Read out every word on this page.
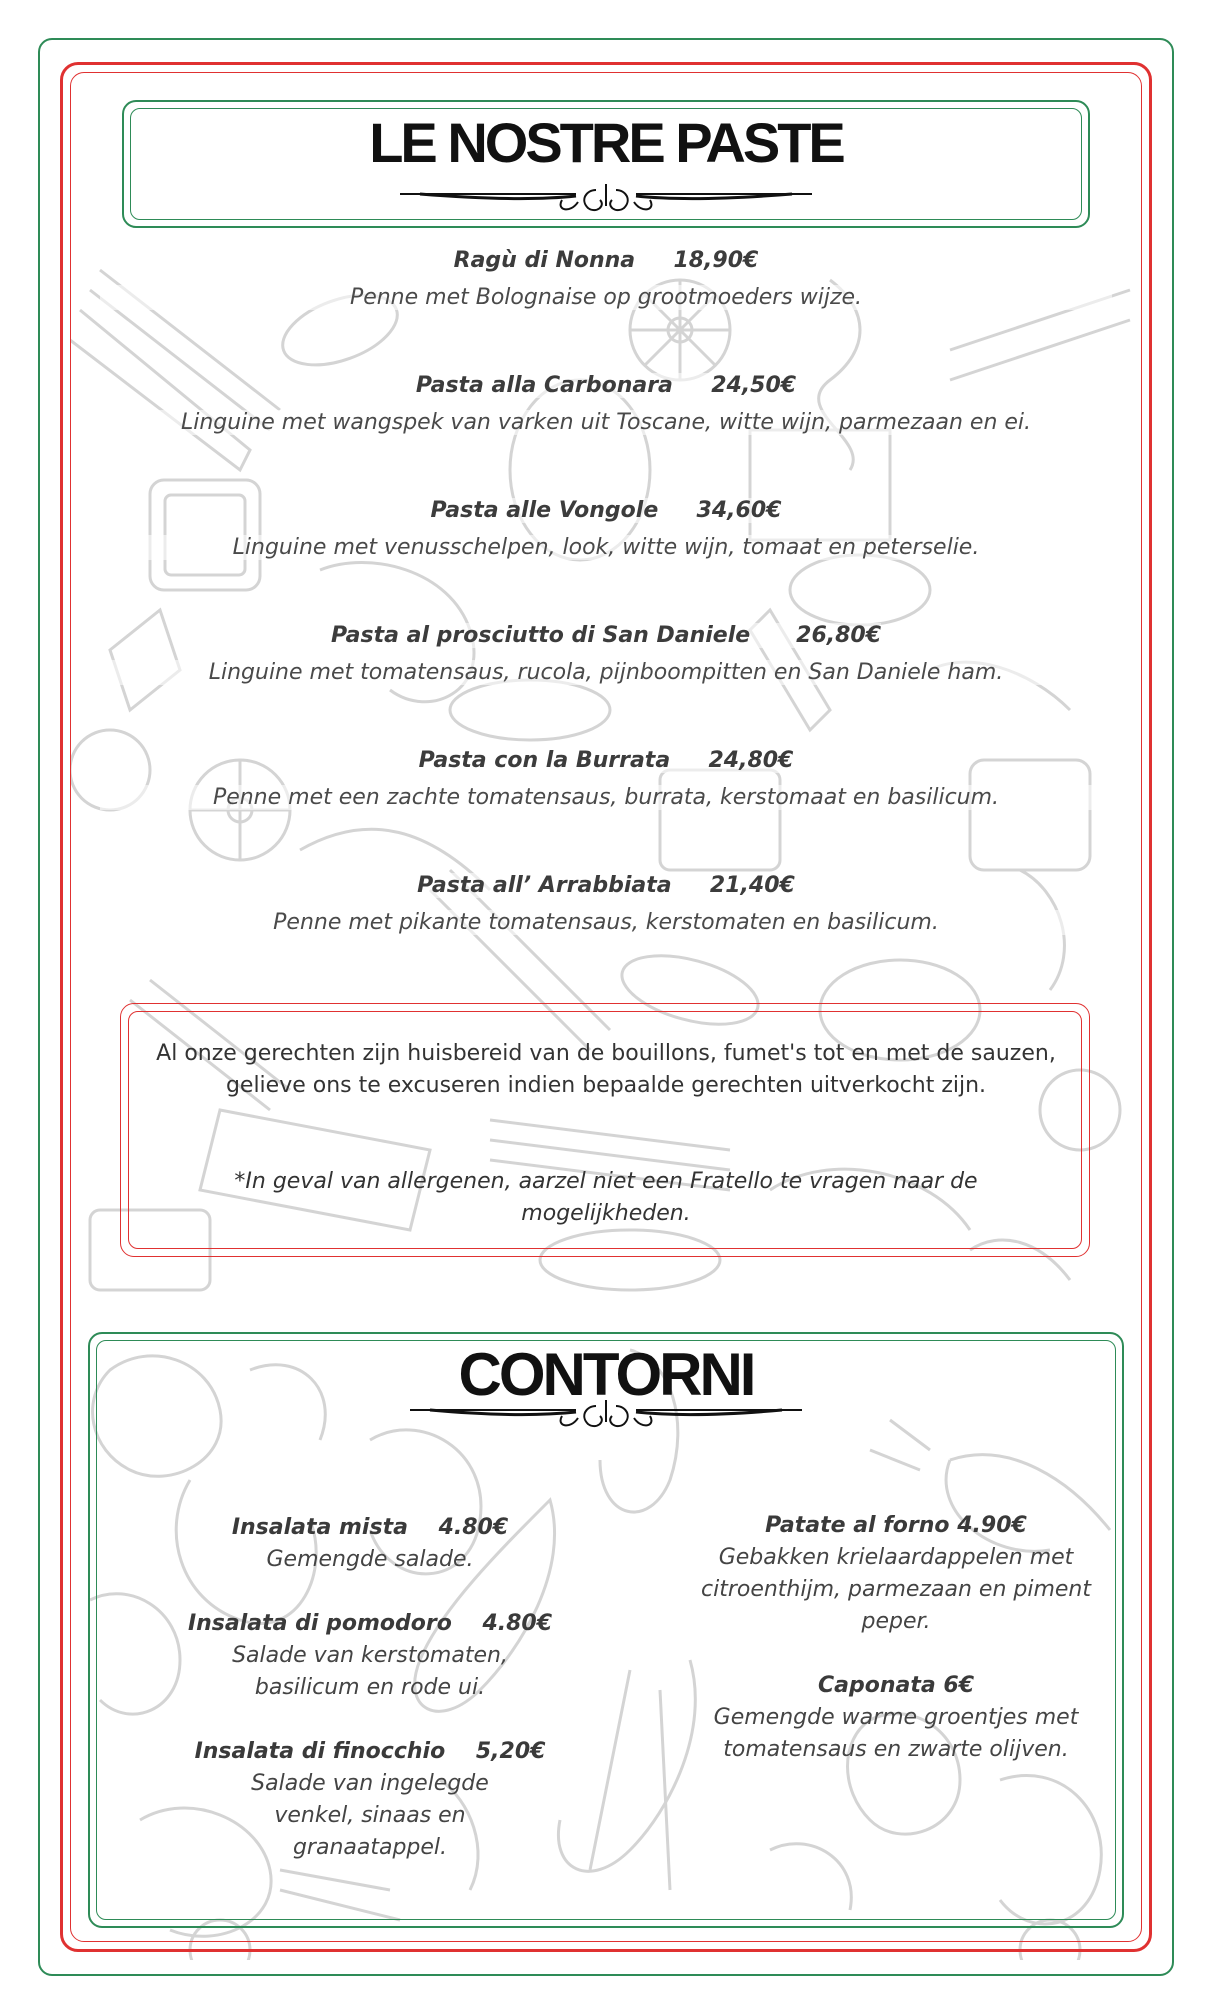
LE NOSTRE PASTE
Ragù di Nonna 18,90€
Penne met Bolognaise op grootmoeders wijze.
Pasta alla Carbonara 24,50€
Linguine met wangspek van varken uit Toscane, witte wijn, parmezaan en ei.
Pasta alle Vongole 34,60€
Linguine met venusschelpen, look, witte wijn, tomaat en peterselie.
Pasta al prosciutto di San Daniele 26,80€
Linguine met tomatensaus, rucola, pijnboompitten en San Daniele ham.
Pasta con la Burrata 24,80€
Penne met een zachte tomatensaus, burrata, kerstomaat en basilicum.
Pasta all’ Arrabbiata 21,40€
Penne met pikante tomatensaus, kerstomaten en basilicum.
Al onze gerechten zijn huisbereid van de bouillons, fumet's tot en met de sauzen, gelieve ons te excuseren indien bepaalde gerechten uitverkocht zijn.
*In geval van allergenen, aarzel niet een Fratello te vragen naar de mogelijkheden.
CONTORNI
Insalata mista 4.80€
Gemengde salade.
Insalata di pomodoro 4.80€
Salade van kerstomaten, basilicum en rode ui.
Insalata di finocchio 5,20€
Salade van ingelegde venkel, sinaas en granaatappel.
Patate al forno 4.90€
Gebakken krielaardappelen met citroenthijm, parmezaan en piment peper.
Caponata 6€
Gemengde warme groentjes met tomatensaus en zwarte olijven.
